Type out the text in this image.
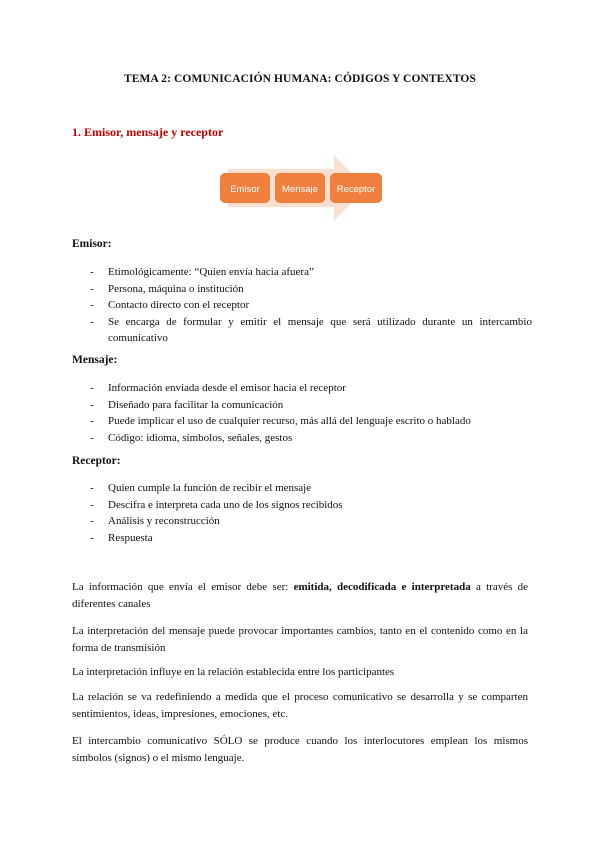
TEMA 2: COMUNICACIÓN HUMANA: CÓDIGOS Y CONTEXTOS
1. Emisor, mensaje y receptor
Emisor Mensaje Receptor
Emisor:
- Etimológicamente: “Quien envía hacia afuera”
- Persona, máquina o institución
- Contacto directo con el receptor
- Se encarga de formular y emitir el mensaje que será utilizado durante un intercambio comunicativo
Mensaje:
- Información enviada desde el emisor hacia el receptor
- Diseñado para facilitar la comunicación
- Puede implicar el uso de cualquier recurso, más allá del lenguaje escrito o hablado
- Código: idioma, símbolos, señales, gestos
Receptor:
- Quien cumple la función de recibir el mensaje
- Descifra e interpreta cada uno de los signos recibidos
- Análisis y reconstrucción
- Respuesta

La información que envía el emisor debe ser: emitida, decodificada e interpretada a través de diferentes canales

La interpretación del mensaje puede provocar importantes cambios, tanto en el contenido como en la forma de transmisión

La interpretación influye en la relación establecida entre los participantes

La relación se va redefiniendo a medida que el proceso comunicativo se desarrolla y se comparten sentimientos, ideas, impresiones, emociones, etc.

El intercambio comunicativo SÓLO se produce cuando los interlocutores emplean los mismos símbolos (signos) o el mismo lenguaje.
